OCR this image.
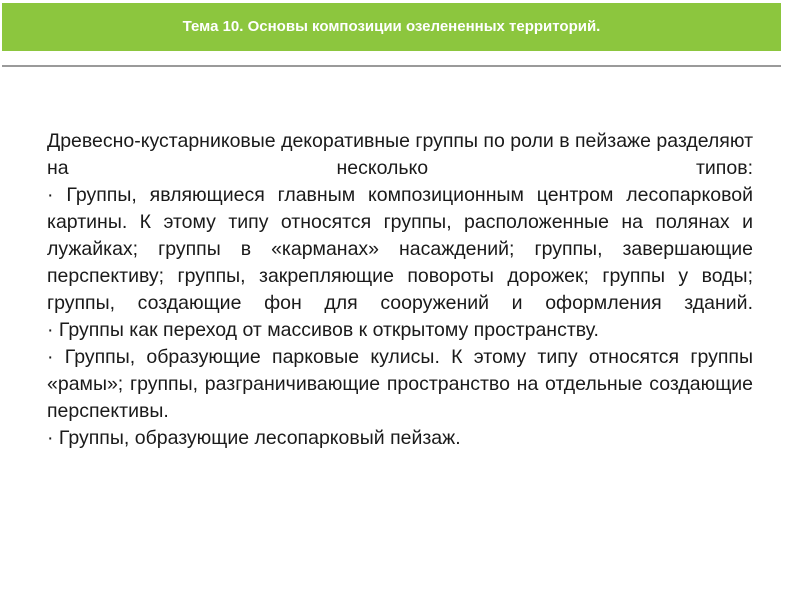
Тема 10. Основы композиции озелененных территорий.

Древесно-кустарниковые декоративные группы по роли в пейзаже разделяют на несколько типов:

· Группы, являющиеся главным композиционным центром лесопарковой картины. К этому типу относятся группы, расположенные на полянах и лужайках; группы в «карманах» насаждений; группы, завершающие перспективу; группы, закрепляющие повороты дорожек; группы у воды; группы, создающие фон для сооружений и оформления зданий.

· Группы как переход от массивов к открытому пространству.

· Группы, образующие парковые кулисы. К этому типу относятся группы «рамы»; группы, разграничивающие пространство на отдельные создающие перспективы.

· Группы, образующие лесопарковый пейзаж.
